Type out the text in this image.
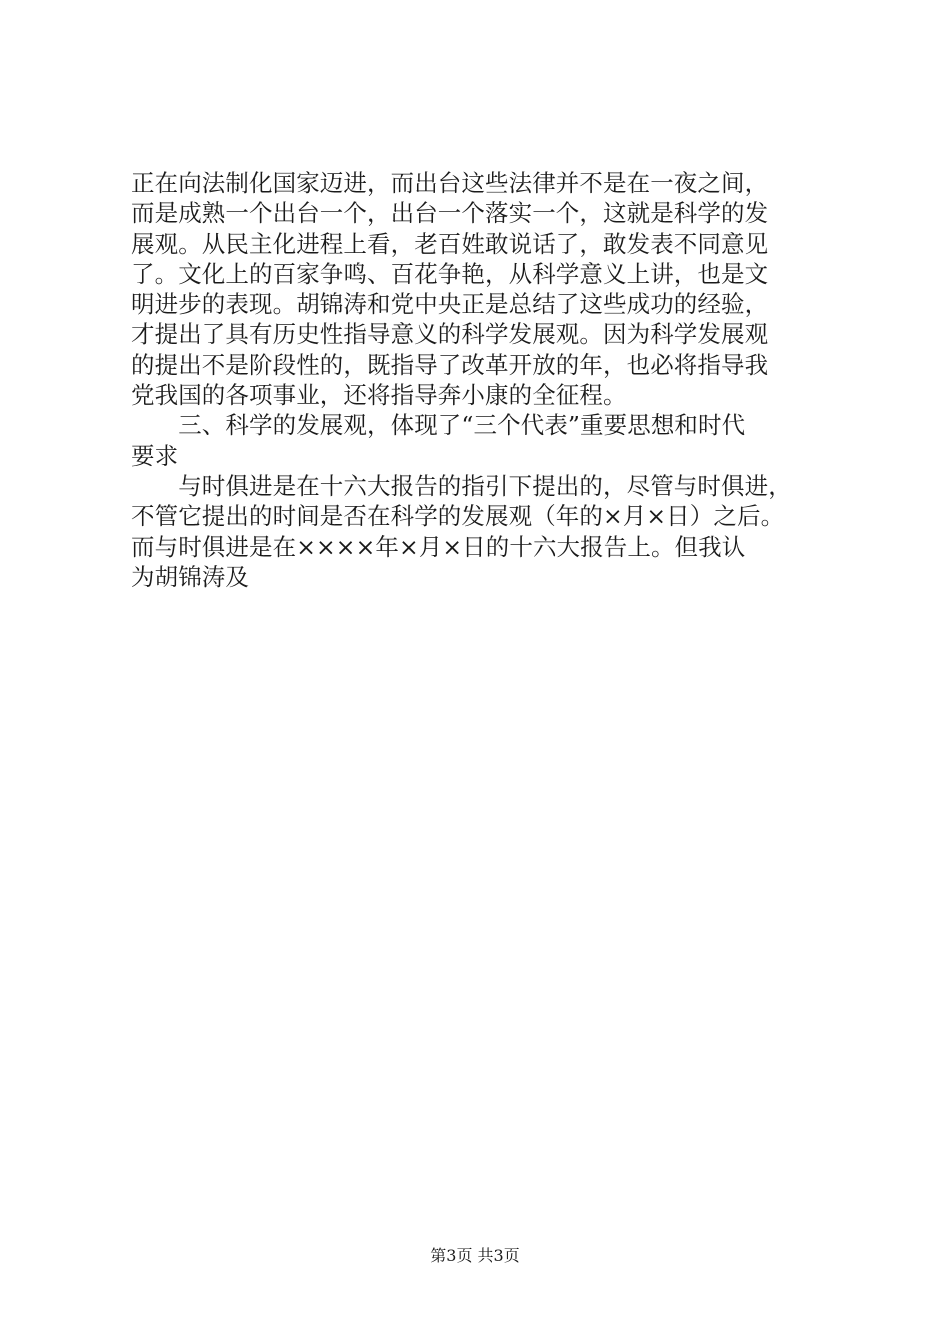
正在向法制化国家迈进，而出台这些法律并不是在一夜之间，

而是成熟一个出台一个，出台一个落实一个，这就是科学的发

展观。从民主化进程上看，老百姓敢说话了，敢发表不同意见

了。文化上的百家争鸣、百花争艳，从科学意义上讲，也是文

明进步的表现。胡锦涛和党中央正是总结了这些成功的经验，

才提出了具有历史性指导意义的科学发展观。因为科学发展观

的提出不是阶段性的，既指导了改革开放的年，也必将指导我

党我国的各项事业，还将指导奔小康的全征程。

　　三、科学的发展观，体现了“三个代表”重要思想和时代

要求

　　与时俱进是在十六大报告的指引下提出的，尽管与时俱进，

不管它提出的时间是否在科学的发展观（年的×月×日）之后。

而与时俱进是在××××年×月×日的十六大报告上。但我认

为胡锦涛及

第3页 共3页
